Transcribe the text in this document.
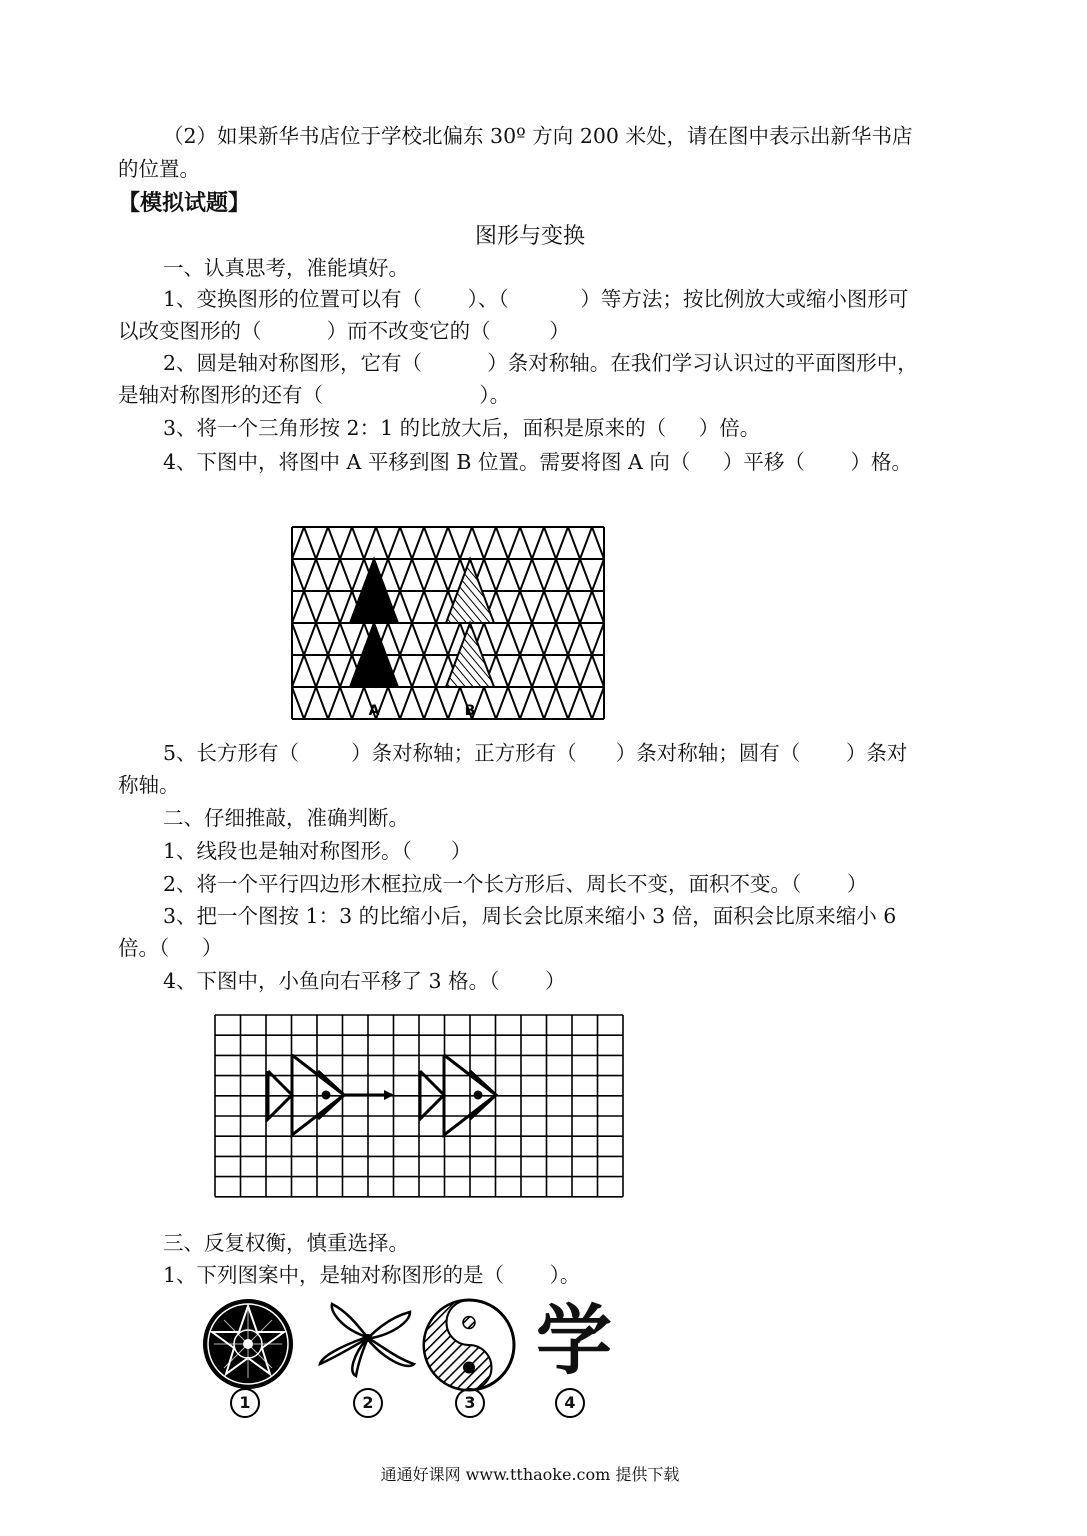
（2）如果新华书店位于学校北偏东 30º 方向 200 米处，请在图中表示出新华书店
的位置。
【模拟试题】
图形与变换
一、认真思考，准能填好。
1、变换图形的位置可以有（       ）、（           ）等方法；按比例放大或缩小图形可
以改变图形的（          ）而不改变它的（         ）
2、圆是轴对称图形，它有（          ）条对称轴。在我们学习认识过的平面图形中，
是轴对称图形的还有（                        ）。
3、将一个三角形按 2：1 的比放大后，面积是原来的（     ）倍。
4、下图中，将图中 A 平移到图 B 位置。需要将图 A 向（     ）平移（       ）格。
A	B
5、长方形有（        ）条对称轴；正方形有（      ）条对称轴；圆有（       ）条对
称轴。
二、仔细推敲，准确判断。
1、线段也是轴对称图形。（      ）
2、将一个平行四边形木框拉成一个长方形后、周长不变，面积不变。（       ）
3、把一个图按 1：3 的比缩小后，周长会比原来缩小 3 倍，面积会比原来缩小 6
倍。（     ）
4、下图中，小鱼向右平移了 3 格。（       ）
三、反复权衡，慎重选择。
1、下列图案中，是轴对称图形的是（       ）。
学
1	2	3	4
通通好课网 www.tthaoke.com 提供下载
